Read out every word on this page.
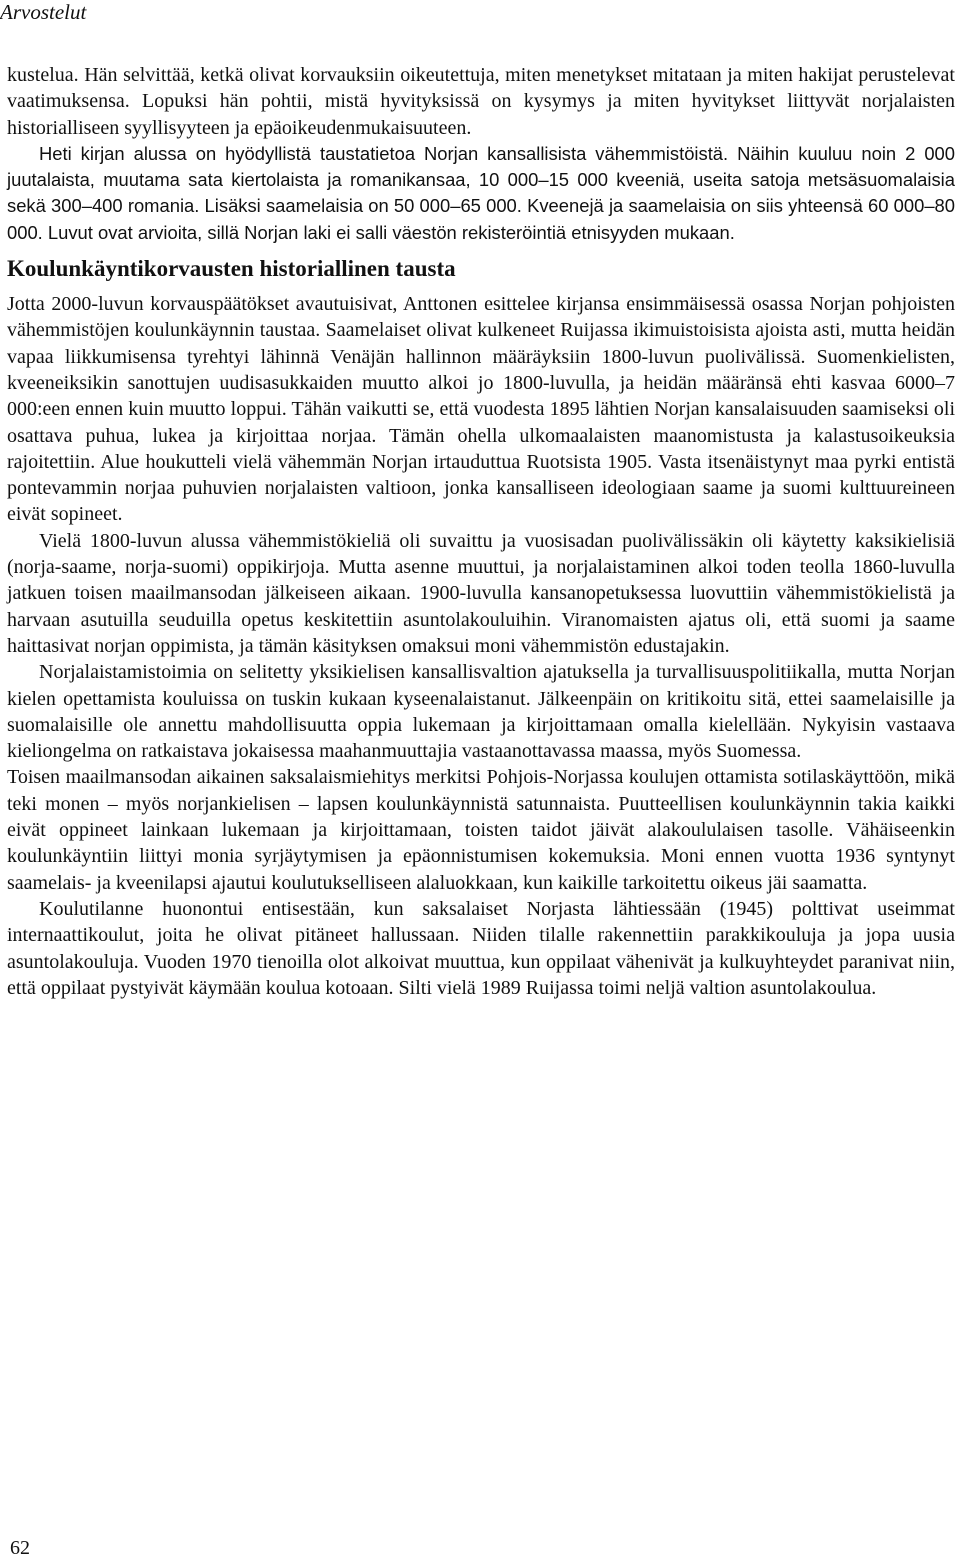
Arvostelut

kustelua. Hän selvittää, ketkä olivat korvauksiin oikeutettuja, miten menetykset mitataan ja miten hakijat perustelevat vaatimuksensa. Lopuksi hän pohtii, mistä hyvityksissä on kysymys ja miten hyvitykset liittyvät norjalaisten historialliseen syyllisyyteen ja epäoikeudenmukaisuuteen.

Heti kirjan alussa on hyödyllistä taustatietoa Norjan kansallisista vähemmistöistä. Näihin kuuluu noin 2 000 juutalaista, muutama sata kiertolaista ja romanikansaa, 10 000–15 000 kveeniä, useita satoja metsäsuomalaisia sekä 300–400 romania. Lisäksi saamelaisia on 50 000–65 000. Kveenejä ja saamelaisia on siis yhteensä 60 000–80 000. Luvut ovat arvioita, sillä Norjan laki ei salli väestön rekisteröintiä etnisyyden mukaan.

Koulunkäyntikorvausten historiallinen tausta

Jotta 2000-luvun korvauspäätökset avautuisivat, Anttonen esittelee kirjansa ensimmäisessä osassa Norjan pohjoisten vähemmistöjen koulunkäynnin taustaa. Saamelaiset olivat kulkeneet Ruijassa ikimuistoisista ajoista asti, mutta heidän vapaa liikkumisensa tyrehtyi lähinnä Venäjän hallinnon määräyksiin 1800-luvun puolivälissä. Suomenkielisten, kveeneiksikin sanottujen uudisasukkaiden muutto alkoi jo 1800-luvulla, ja heidän määränsä ehti kasvaa 6000–7 000:een ennen kuin muutto loppui. Tähän vaikutti se, että vuodesta 1895 lähtien Norjan kansalaisuuden saamiseksi oli osattava puhua, lukea ja kirjoittaa norjaa. Tämän ohella ulkomaalaisten maanomistusta ja kalastusoikeuksia rajoitettiin. Alue houkutteli vielä vähemmän Norjan irtauduttua Ruotsista 1905. Vasta itsenäistynyt maa pyrki entistä pontevammin norjaa puhuvien norjalaisten valtioon, jonka kansalliseen ideologiaan saame ja suomi kulttuureineen eivät sopineet.

Vielä 1800-luvun alussa vähemmistökieliä oli suvaittu ja vuosisadan puolivälissäkin oli käytetty kaksikielisiä (norja-saame, norja-suomi) oppikirjoja. Mutta asenne muuttui, ja norjalaistaminen alkoi toden teolla 1860-luvulla jatkuen toisen maailmansodan jälkeiseen aikaan. 1900-luvulla kansanopetuksessa luovuttiin vähemmistökielistä ja harvaan asutuilla seuduilla opetus keskitettiin asuntolakouluihin. Viranomaisten ajatus oli, että suomi ja saame haittasivat norjan oppimista, ja tämän käsityksen omaksui moni vähemmistön edustajakin.

Norjalaistamistoimia on selitetty yksikielisen kansallisvaltion ajatuksella ja turvallisuuspolitiikalla, mutta Norjan kielen opettamista kouluissa on tuskin kukaan kyseenalaistanut. Jälkeenpäin on kritikoitu sitä, ettei saamelaisille ja suomalaisille ole annettu mahdollisuutta oppia lukemaan ja kirjoittamaan omalla kielellään. Nykyisin vastaava kieliongelma on ratkaistava jokaisessa maahanmuuttajia vastaanottavassa maassa, myös Suomessa.

Toisen maailmansodan aikainen saksalaismiehitys merkitsi Pohjois-Norjassa koulujen ottamista sotilaskäyttöön, mikä teki monen – myös norjankielisen – lapsen koulunkäynnistä satunnaista. Puutteellisen koulunkäynnin takia kaikki eivät oppineet lainkaan lukemaan ja kirjoittamaan, toisten taidot jäivät alakoululaisen tasolle. Vähäiseenkin koulunkäyntiin liittyi monia syrjäytymisen ja epäonnistumisen kokemuksia. Moni ennen vuotta 1936 syntynyt saamelais- ja kveenilapsi ajautui koulutukselliseen alaluokkaan, kun kaikille tarkoitettu oikeus jäi saamatta.

Koulutilanne huonontui entisestään, kun saksalaiset Norjasta lähtiessään (1945) polttivat useimmat internaattikoulut, joita he olivat pitäneet hallussaan. Niiden tilalle rakennettiin parakkikouluja ja jopa uusia asuntolakouluja. Vuoden 1970 tienoilla olot alkoivat muuttua, kun oppilaat vähenivät ja kulkuyhteydet paranivat niin, että oppilaat pystyivät käymään koulua kotoaan. Silti vielä 1989 Ruijassa toimi neljä valtion asuntolakoulua.

62
